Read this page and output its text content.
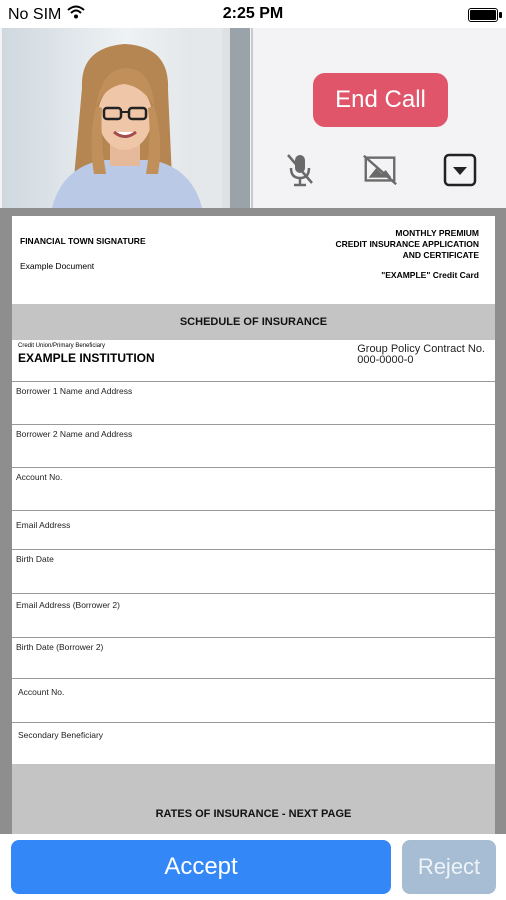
No SIM	2:25 PM
End Call
FINANCIAL TOWN SIGNATURE
Example Document
MONTHLY PREMIUM
CREDIT INSURANCE APPLICATION
AND CERTIFICATE
"EXAMPLE" Credit Card
SCHEDULE OF INSURANCE
Credit Union/Primary Beneficiary
EXAMPLE INSTITUTION
Group Policy Contract No.
000-0000-0
Borrower 1 Name and Address
Borrower 2 Name and Address
Account No.
Email Address
Birth Date
Email Address (Borrower 2)
Birth Date (Borrower 2)
Account No.
Secondary Beneficiary
RATES OF INSURANCE - NEXT PAGE
Accept	Reject
